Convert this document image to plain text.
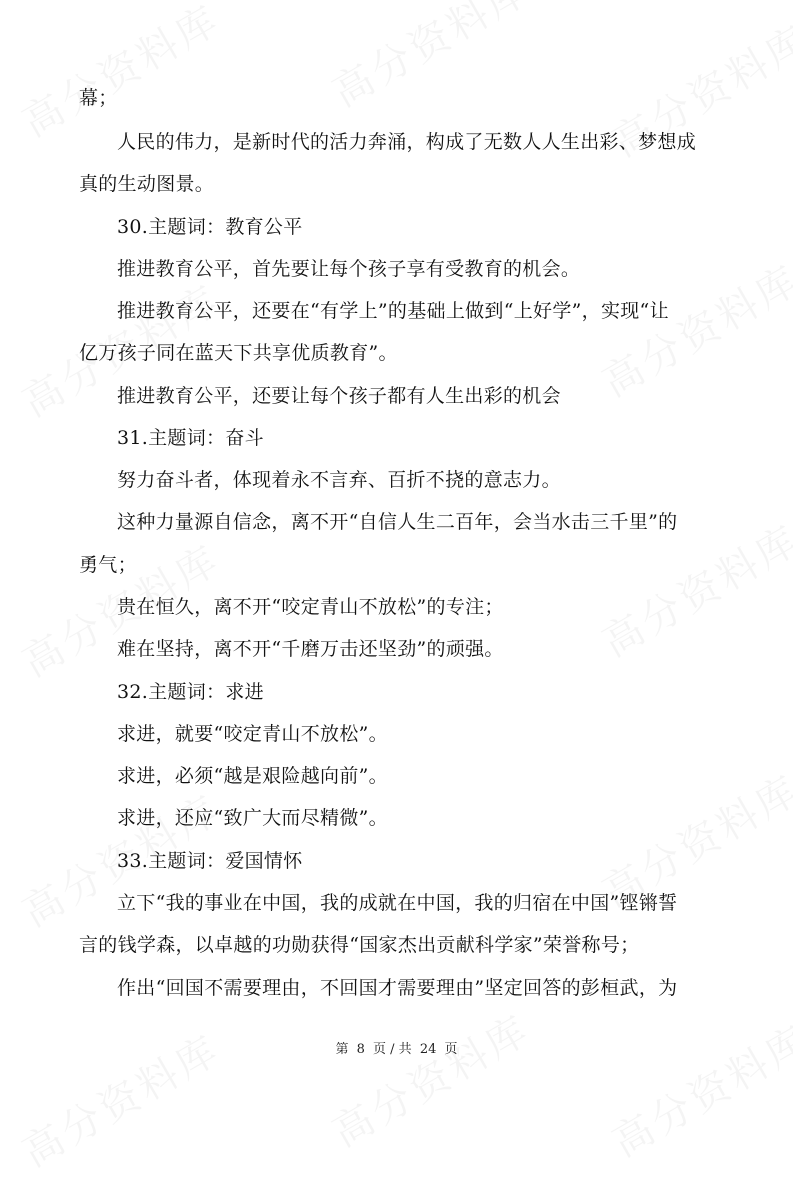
幕；
人民的伟力，是新时代的活力奔涌，构成了无数人人生出彩、梦想成
真的生动图景。
30.主题词：教育公平
推进教育公平，首先要让每个孩子享有受教育的机会。
推进教育公平，还要在“有学上”的基础上做到“上好学”，实现“让
亿万孩子同在蓝天下共享优质教育”。
推进教育公平，还要让每个孩子都有人生出彩的机会
31.主题词：奋斗
努力奋斗者，体现着永不言弃、百折不挠的意志力。
这种力量源自信念，离不开“自信人生二百年，会当水击三千里”的
勇气；
贵在恒久，离不开“咬定青山不放松”的专注；
难在坚持，离不开“千磨万击还坚劲”的顽强。
32.主题词：求进
求进，就要“咬定青山不放松”。
求进，必须“越是艰险越向前”。
求进，还应“致广大而尽精微”。
33.主题词：爱国情怀
立下“我的事业在中国，我的成就在中国，我的归宿在中国”铿锵誓
言的钱学森，以卓越的功勋获得“国家杰出贡献科学家”荣誉称号；
作出“回国不需要理由，不回国才需要理由”坚定回答的彭桓武，为
第 8 页 / 共 24 页
